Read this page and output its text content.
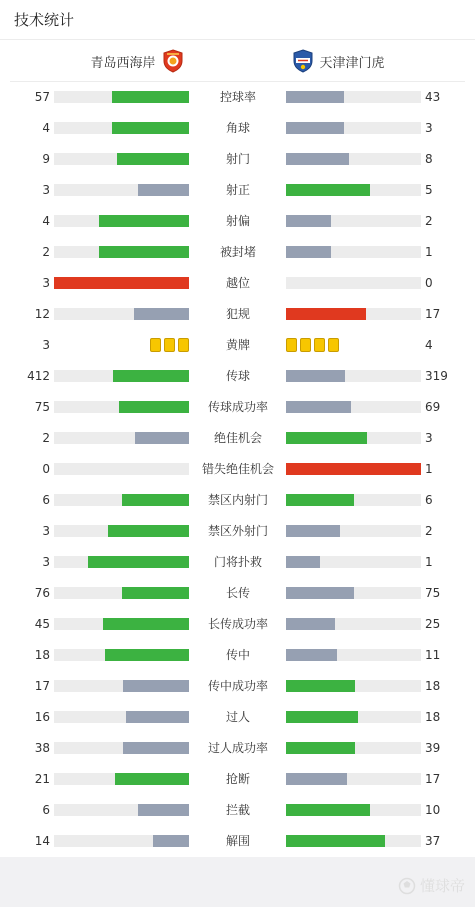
技术统计
青岛西海岸	天津津门虎
57	控球率	43
4	角球	3
9	射门	8
3	射正	5
4	射偏	2
2	被封堵	1
3	越位	0
12	犯规	17
3	黄牌	4
412	传球	319
75	传球成功率	69
2	绝佳机会	3
0	错失绝佳机会	1
6	禁区内射门	6
3	禁区外射门	2
3	门将扑救	1
76	长传	75
45	长传成功率	25
18	传中	11
17	传中成功率	18
16	过人	18
38	过人成功率	39
21	抢断	17
6	拦截	10
14	解围	37
懂球帝
